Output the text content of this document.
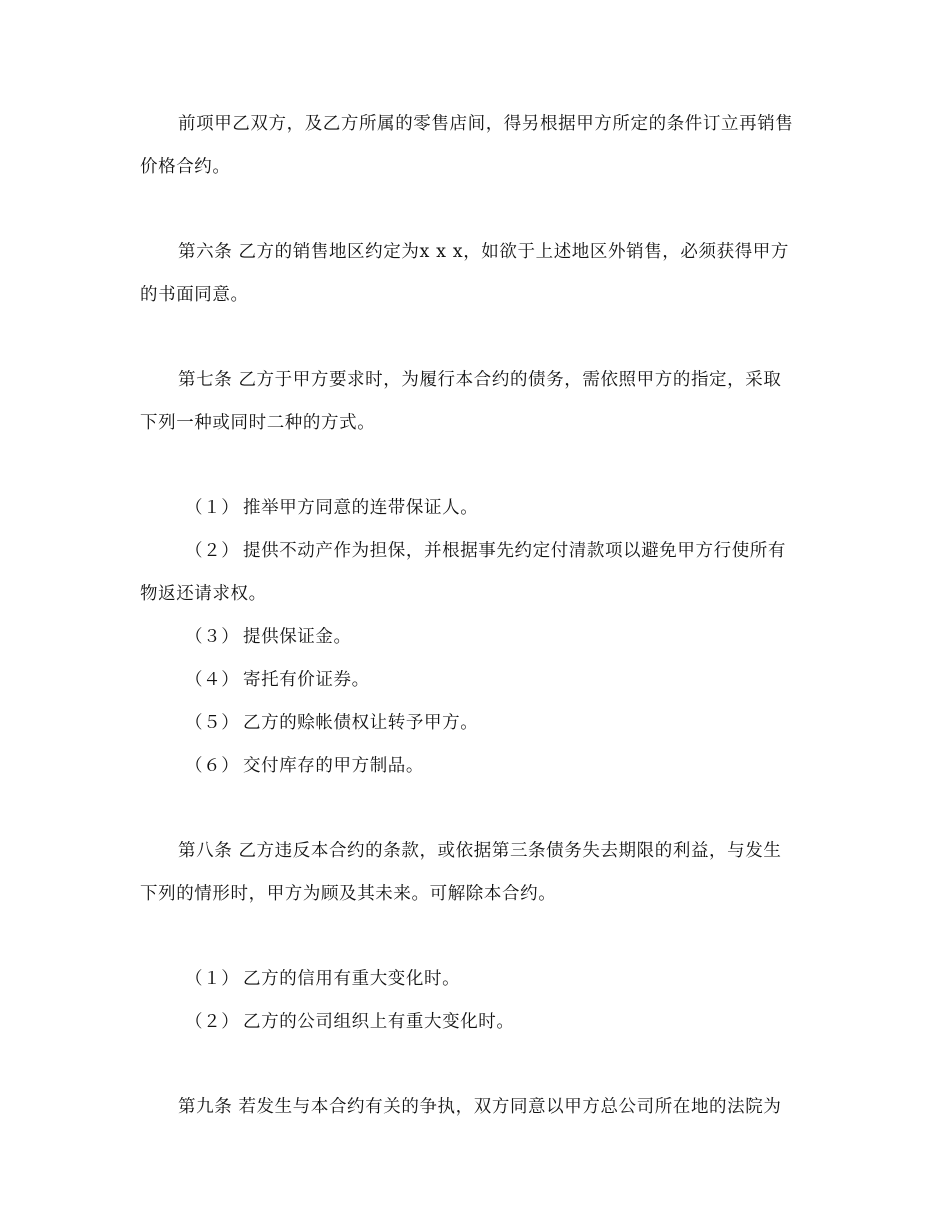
前项甲乙双方，及乙方所属的零售店间，得另根据甲方所定的条件订立再销售
价格合约。
第六条 乙方的销售地区约定为x x x，如欲于上述地区外销售，必须获得甲方
的书面同意。
第七条 乙方于甲方要求时，为履行本合约的债务，需依照甲方的指定，采取
下列一种或同时二种的方式。
（１） 推举甲方同意的连带保证人。
（２） 提供不动产作为担保，并根据事先约定付清款项以避免甲方行使所有
物返还请求权。
（３） 提供保证金。
（４） 寄托有价证券。
（５） 乙方的赊帐债权让转予甲方。
（６） 交付库存的甲方制品。
第八条 乙方违反本合约的条款，或依据第三条债务失去期限的利益，与发生
下列的情形时，甲方为顾及其未来。可解除本合约。
（１） 乙方的信用有重大变化时。
（２） 乙方的公司组织上有重大变化时。
第九条 若发生与本合约有关的争执，双方同意以甲方总公司所在地的法院为
